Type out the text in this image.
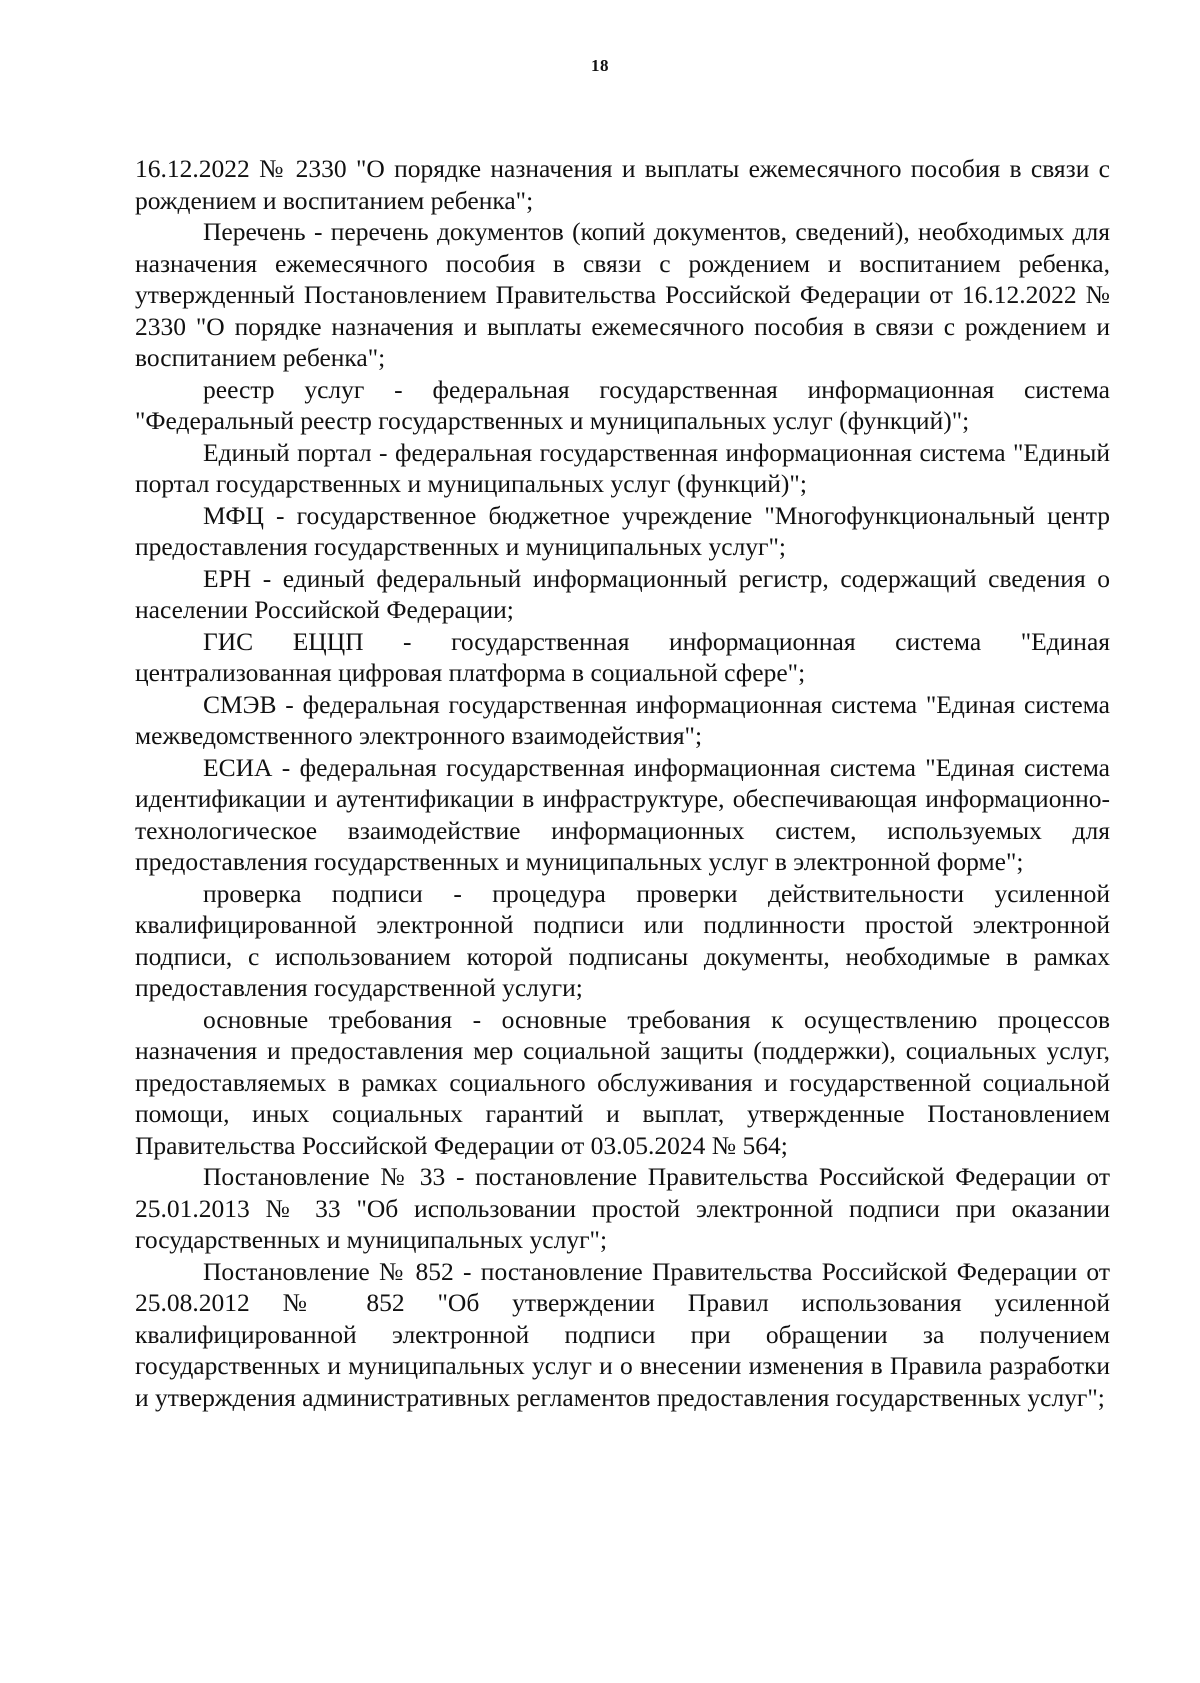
18

16.12.2022 № 2330 "О порядке назначения и выплаты ежемесячного пособия в связи с рождением и воспитанием ребенка";

Перечень - перечень документов (копий документов, сведений), необходимых для назначения ежемесячного пособия в связи с рождением и воспитанием ребенка, утвержденный Постановлением Правительства Российской Федерации от 16.12.2022 № 2330 "О порядке назначения и выплаты ежемесячного пособия в связи с рождением и воспитанием ребенка";

реестр услуг - федеральная государственная информационная система "Федеральный реестр государственных и муниципальных услуг (функций)";

Единый портал - федеральная государственная информационная система "Единый портал государственных и муниципальных услуг (функций)";

МФЦ - государственное бюджетное учреждение "Многофункциональный центр предоставления государственных и муниципальных услуг";

ЕРН - единый федеральный информационный регистр, содержащий сведения о населении Российской Федерации;

ГИС ЕЦЦП - государственная информационная система "Единая централизованная цифровая платформа в социальной сфере";

СМЭВ - федеральная государственная информационная система "Единая система межведомственного электронного взаимодействия";

ЕСИА - федеральная государственная информационная система "Единая система идентификации и аутентификации в инфраструктуре, обеспечивающая информационно-технологическое взаимодействие информационных систем, используемых для предоставления государственных и муниципальных услуг в электронной форме";

проверка подписи - процедура проверки действительности усиленной квалифицированной электронной подписи или подлинности простой электронной подписи, с использованием которой подписаны документы, необходимые в рамках предоставления государственной услуги;

основные требования - основные требования к осуществлению процессов назначения и предоставления мер социальной защиты (поддержки), социальных услуг, предоставляемых в рамках социального обслуживания и государственной социальной помощи, иных социальных гарантий и выплат, утвержденные Постановлением Правительства Российской Федерации от 03.05.2024 № 564;

Постановление № 33 - постановление Правительства Российской Федерации от 25.01.2013 № 33 "Об использовании простой электронной подписи при оказании государственных и муниципальных услуг";

Постановление № 852 - постановление Правительства Российской Федерации от 25.08.2012 № 852 "Об утверждении Правил использования усиленной квалифицированной электронной подписи при обращении за получением государственных и муниципальных услуг и о внесении изменения в Правила разработки и утверждения административных регламентов предоставления государственных услуг";
